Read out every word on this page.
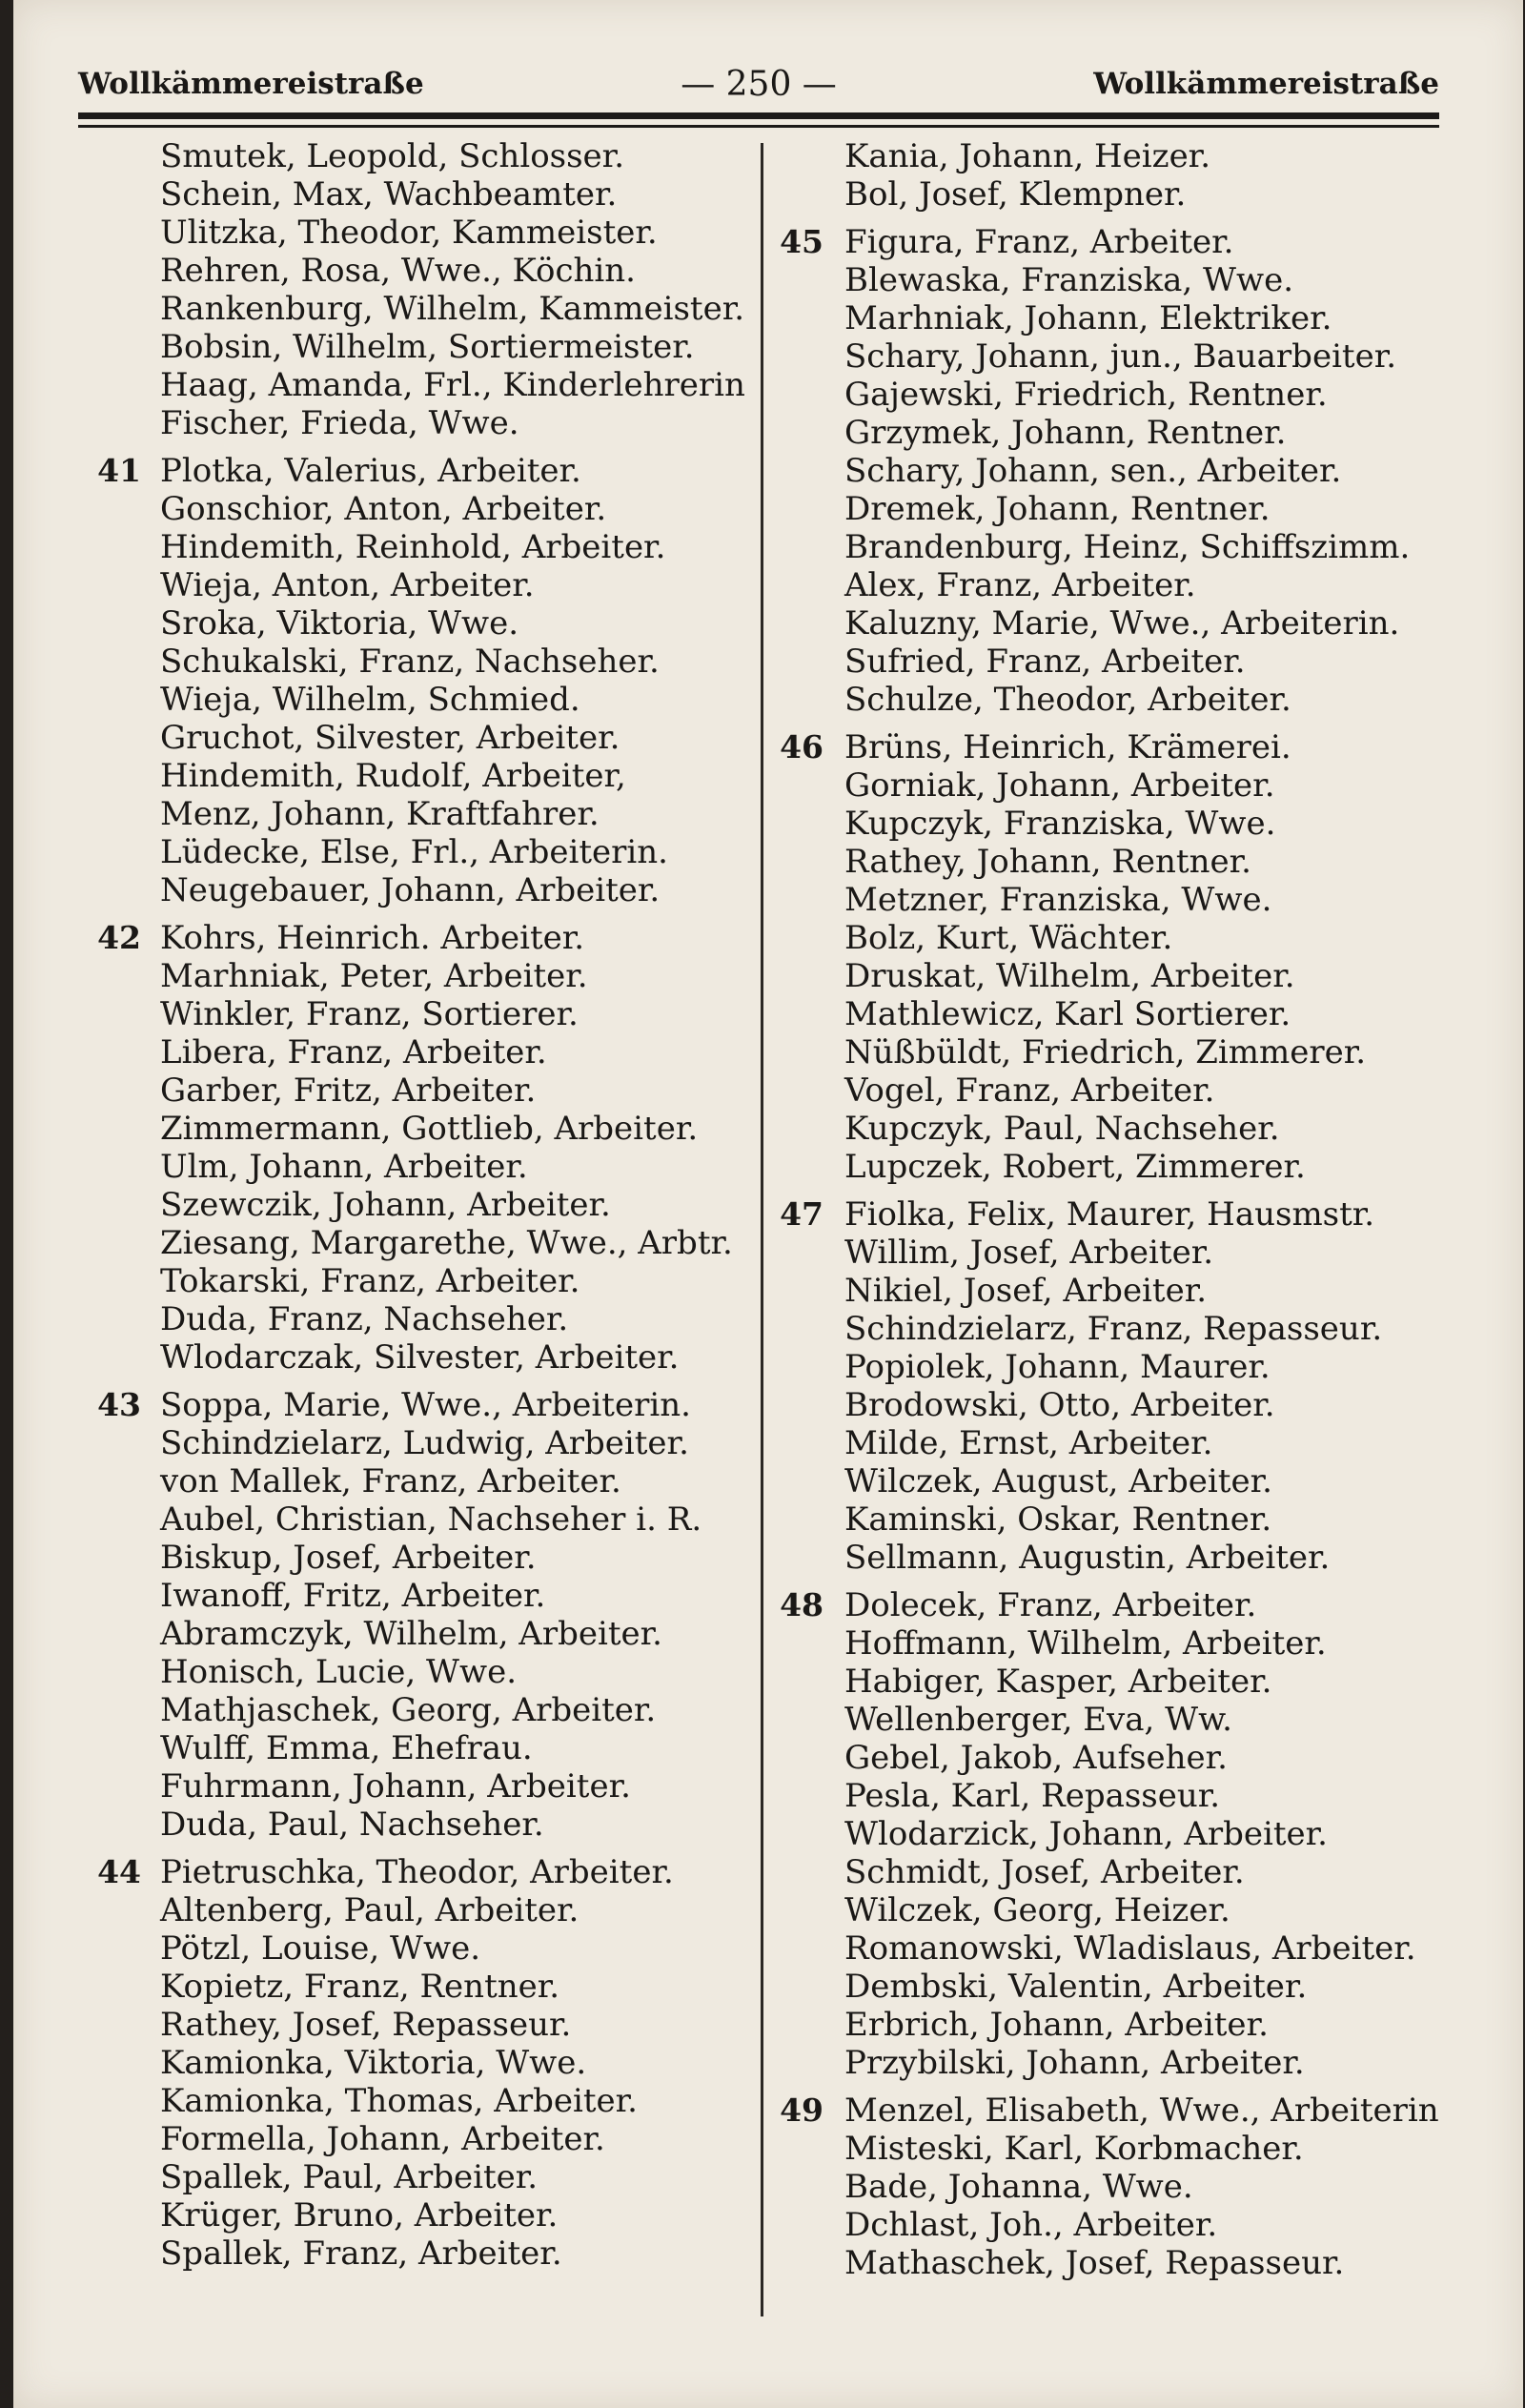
Wollkämmereistraße	— 250 —	Wollkämmereistraße
Smutek, Leopold, Schlosser.
Schein, Max, Wachbeamter.
Ulitzka, Theodor, Kammeister.
Rehren, Rosa, Wwe., Köchin.
Rankenburg, Wilhelm, Kammeister.
Bobsin, Wilhelm, Sortiermeister.
Haag, Amanda, Frl., Kinderlehrerin
Fischer, Frieda, Wwe.
41 Plotka, Valerius, Arbeiter.
Gonschior, Anton, Arbeiter.
Hindemith, Reinhold, Arbeiter.
Wieja, Anton, Arbeiter.
Sroka, Viktoria, Wwe.
Schukalski, Franz, Nachseher.
Wieja, Wilhelm, Schmied.
Gruchot, Silvester, Arbeiter.
Hindemith, Rudolf, Arbeiter,
Menz, Johann, Kraftfahrer.
Lüdecke, Else, Frl., Arbeiterin.
Neugebauer, Johann, Arbeiter.
42 Kohrs, Heinrich. Arbeiter.
Marhniak, Peter, Arbeiter.
Winkler, Franz, Sortierer.
Libera, Franz, Arbeiter.
Garber, Fritz, Arbeiter.
Zimmermann, Gottlieb, Arbeiter.
Ulm, Johann, Arbeiter.
Szewczik, Johann, Arbeiter.
Ziesang, Margarethe, Wwe., Arbtr.
Tokarski, Franz, Arbeiter.
Duda, Franz, Nachseher.
Wlodarczak, Silvester, Arbeiter.
43 Soppa, Marie, Wwe., Arbeiterin.
Schindzielarz, Ludwig, Arbeiter.
von Mallek, Franz, Arbeiter.
Aubel, Christian, Nachseher i. R.
Biskup, Josef, Arbeiter.
Iwanoff, Fritz, Arbeiter.
Abramczyk, Wilhelm, Arbeiter.
Honisch, Lucie, Wwe.
Mathjaschek, Georg, Arbeiter.
Wulff, Emma, Ehefrau.
Fuhrmann, Johann, Arbeiter.
Duda, Paul, Nachseher.
44 Pietruschka, Theodor, Arbeiter.
Altenberg, Paul, Arbeiter.
Pötzl, Louise, Wwe.
Kopietz, Franz, Rentner.
Rathey, Josef, Repasseur.
Kamionka, Viktoria, Wwe.
Kamionka, Thomas, Arbeiter.
Formella, Johann, Arbeiter.
Spallek, Paul, Arbeiter.
Krüger, Bruno, Arbeiter.
Spallek, Franz, Arbeiter.
Kania, Johann, Heizer.
Bol, Josef, Klempner.
45 Figura, Franz, Arbeiter.
Blewaska, Franziska, Wwe.
Marhniak, Johann, Elektriker.
Schary, Johann, jun., Bauarbeiter.
Gajewski, Friedrich, Rentner.
Grzymek, Johann, Rentner.
Schary, Johann, sen., Arbeiter.
Dremek, Johann, Rentner.
Brandenburg, Heinz, Schiffszimm.
Alex, Franz, Arbeiter.
Kaluzny, Marie, Wwe., Arbeiterin.
Sufried, Franz, Arbeiter.
Schulze, Theodor, Arbeiter.
46 Brüns, Heinrich, Krämerei.
Gorniak, Johann, Arbeiter.
Kupczyk, Franziska, Wwe.
Rathey, Johann, Rentner.
Metzner, Franziska, Wwe.
Bolz, Kurt, Wächter.
Druskat, Wilhelm, Arbeiter.
Mathlewicz, Karl Sortierer.
Nüßbüldt, Friedrich, Zimmerer.
Vogel, Franz, Arbeiter.
Kupczyk, Paul, Nachseher.
Lupczek, Robert, Zimmerer.
47 Fiolka, Felix, Maurer, Hausmstr.
Willim, Josef, Arbeiter.
Nikiel, Josef, Arbeiter.
Schindzielarz, Franz, Repasseur.
Popiolek, Johann, Maurer.
Brodowski, Otto, Arbeiter.
Milde, Ernst, Arbeiter.
Wilczek, August, Arbeiter.
Kaminski, Oskar, Rentner.
Sellmann, Augustin, Arbeiter.
48 Dolecek, Franz, Arbeiter.
Hoffmann, Wilhelm, Arbeiter.
Habiger, Kasper, Arbeiter.
Wellenberger, Eva, Ww.
Gebel, Jakob, Aufseher.
Pesla, Karl, Repasseur.
Wlodarzick, Johann, Arbeiter.
Schmidt, Josef, Arbeiter.
Wilczek, Georg, Heizer.
Romanowski, Wladislaus, Arbeiter.
Dembski, Valentin, Arbeiter.
Erbrich, Johann, Arbeiter.
Przybilski, Johann, Arbeiter.
49 Menzel, Elisabeth, Wwe., Arbeiterin
Misteski, Karl, Korbmacher.
Bade, Johanna, Wwe.
Dchlast, Joh., Arbeiter.
Mathaschek, Josef, Repasseur.
